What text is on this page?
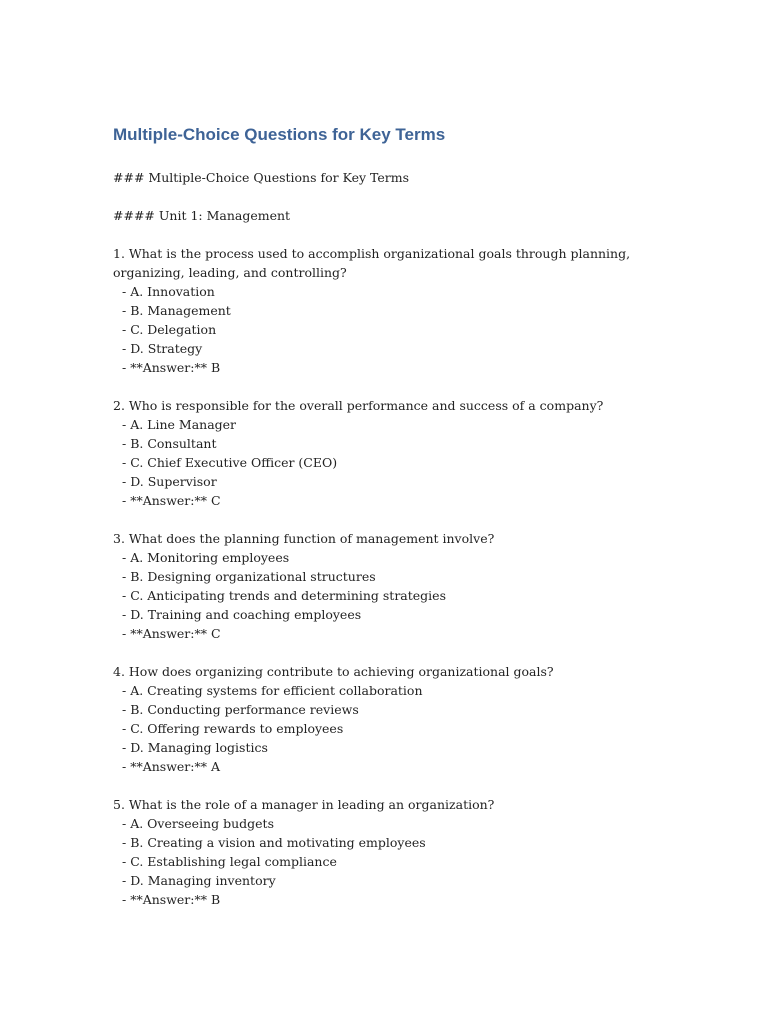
Multiple-Choice Questions for Key Terms
### Multiple-Choice Questions for Key Terms
#### Unit 1: Management
1. What is the process used to accomplish organizational goals through planning,
organizing, leading, and controlling?
- A. Innovation
- B. Management
- C. Delegation
- D. Strategy
- **Answer:** B
2. Who is responsible for the overall performance and success of a company?
- A. Line Manager
- B. Consultant
- C. Chief Executive Officer (CEO)
- D. Supervisor
- **Answer:** C
3. What does the planning function of management involve?
- A. Monitoring employees
- B. Designing organizational structures
- C. Anticipating trends and determining strategies
- D. Training and coaching employees
- **Answer:** C
4. How does organizing contribute to achieving organizational goals?
- A. Creating systems for efficient collaboration
- B. Conducting performance reviews
- C. Offering rewards to employees
- D. Managing logistics
- **Answer:** A
5. What is the role of a manager in leading an organization?
- A. Overseeing budgets
- B. Creating a vision and motivating employees
- C. Establishing legal compliance
- D. Managing inventory
- **Answer:** B
